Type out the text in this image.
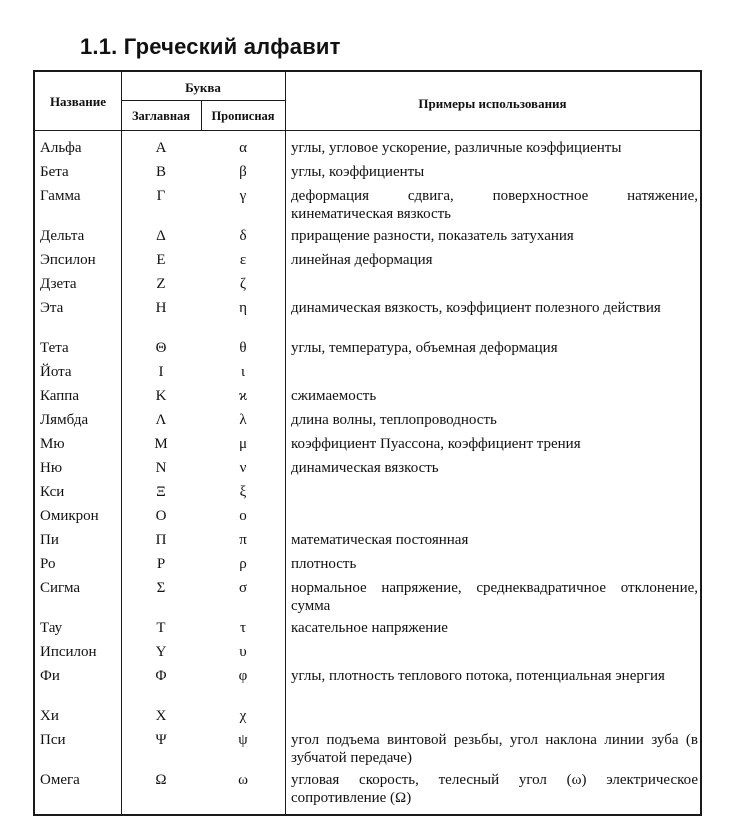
1.1. Греческий алфавит
Название
Буква
Заглавная	Прописная
Примеры использования
Альфа	Α	α	углы, угловое ускорение, различные коэффициенты
Бета	Β	β	углы, коэффициенты
Гамма	Γ	γ	деформация сдвига, поверхностное натяжение, кинематическая вязкость
Дельта	Δ	δ	приращение разности, показатель затухания
Эпсилон	Ε	ε	линейная деформация
Дзета	Ζ	ζ
Эта	Η	η	динамическая вязкость, коэффициент полезного действия
Тета	Θ	θ	углы, температура, объемная деформация
Йота	Ι	ι
Каппа	Κ	ϰ	сжимаемость
Лямбда	Λ	λ	длина волны, теплопроводность
Мю	Μ	μ	коэффициент Пуассона, коэффициент трения
Ню	Ν	ν	динамическая вязкость
Кси	Ξ	ξ
Омикрон	Ο	ο
Пи	Π	π	математическая постоянная
Ро	Ρ	ρ	плотность
Сигма	Σ	σ	нормальное напряжение, среднеквадратичное отклонение, сумма
Тау	Τ	τ	касательное напряжение
Ипсилон	Υ	υ
Фи	Φ	φ	углы, плотность теплового потока, потенциальная энергия
Хи	Χ	χ
Пси	Ψ	ψ	угол подъема винтовой резьбы, угол наклона линии зуба (в зубчатой передаче)
Омега	Ω	ω	угловая скорость, телесный угол (ω) электрическое сопротивление (Ω)
